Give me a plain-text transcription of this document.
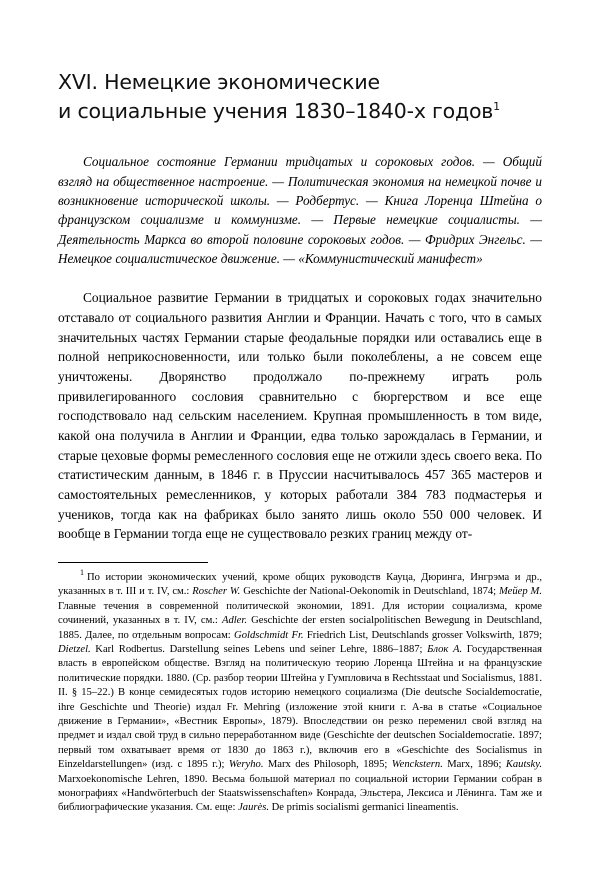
XVI. Немецкие экономические
и социальные учения 1830–1840-х годов$^1$

Социальное состояние Германии тридцатых и сороковых годов. — Общий взгляд на общественное настроение. — Политическая экономия на немецкой почве и возникновение исторической школы. — Родбертус. — Книга Лоренца Штейна о французском социализме и коммунизме. — Первые немецкие социалисты. — Деятельность Маркса во второй половине сороковых годов. — Фридрих Энгельс. — Немецкое социалистическое движение. — «Коммунистический манифест»

Социальное развитие Германии в тридцатых и сороковых годах значительно отставало от социального развития Англии и Франции. Начать с того, что в самых значительных частях Германии старые феодальные порядки или оставались еще в полной неприкосновенности, или только были поколеблены, а не совсем еще уничтожены. Дворянство продолжало по-прежнему играть роль привилегированного сословия сравнительно с бюргерством и все еще господствовало над сельским населением. Крупная промышленность в том виде, какой она получила в Англии и Франции, едва только зарождалась в Германии, и старые цеховые формы ремесленного сословия еще не отжили здесь своего века. По статистическим данным, в 1846 г. в Пруссии насчитывалось 457 365 мастеров и самостоятельных ремесленников, у которых работали 384 783 подмастерья и учеников, тогда как на фабриках было занято лишь около 550 000 человек. И вообще в Германии тогда еще не существовало резких границ между от-

$^1$ По истории экономических учений, кроме общих руководств Кауца, Дюринга, Ингрэма и др., указанных в т. III и т. IV, см.: Roscher W. Geschichte der National-Oekonomik in Deutschland, 1874; Мейер М. Главные течения в современной политической экономии, 1891. Для истории социализма, кроме сочинений, указанных в т. IV, см.: Adler. Geschichte der ersten socialpolitischen Bewegung in Deutschland, 1885. Далее, по отдельным вопросам: Goldschmidt Fr. Friedrich List, Deutschlands grosser Volkswirth, 1879; Dietzel. Karl Rodbertus. Darstellung seines Lebens und seiner Lehre, 1886–1887; Блок А. Государственная власть в европейском обществе. Взгляд на политическую теорию Лоренца Штейна и на французские политические порядки. 1880. (Ср. разбор теории Штейна у Гумпловича в Rechtsstaat und Socialismus, 1881. II. § 15–22.) В конце семидесятых годов историю немецкого социализма (Die deutsche Socialdemocratie, ihre Geschichte und Theorie) издал Fr. Mehring (изложение этой книги г. А-ва в статье «Социальное движение в Германии», «Вестник Европы», 1879). Впоследствии он резко переменил свой взгляд на предмет и издал свой труд в сильно переработанном виде (Geschichte der deutschen Socialdemocratie. 1897; первый том охватывает время от 1830 до 1863 г.), включив его в «Geschichte des Socialismus in Einzeldarstellungen» (изд. с 1895 г.); Weryho. Marx des Philosoph, 1895; Wenckstern. Marx, 1896; Kautsky. Marxоekonomische Lehren, 1890. Весьма большой материал по социальной истории Германии собран в монографиях «Handwörterbuch der Staatswissenschaften» Конрада, Эльстера, Лексиса и Лёнинга. Там же и библиографические указания. См. еще: Jaurès. De primis socialismi germanici lineamentis.
